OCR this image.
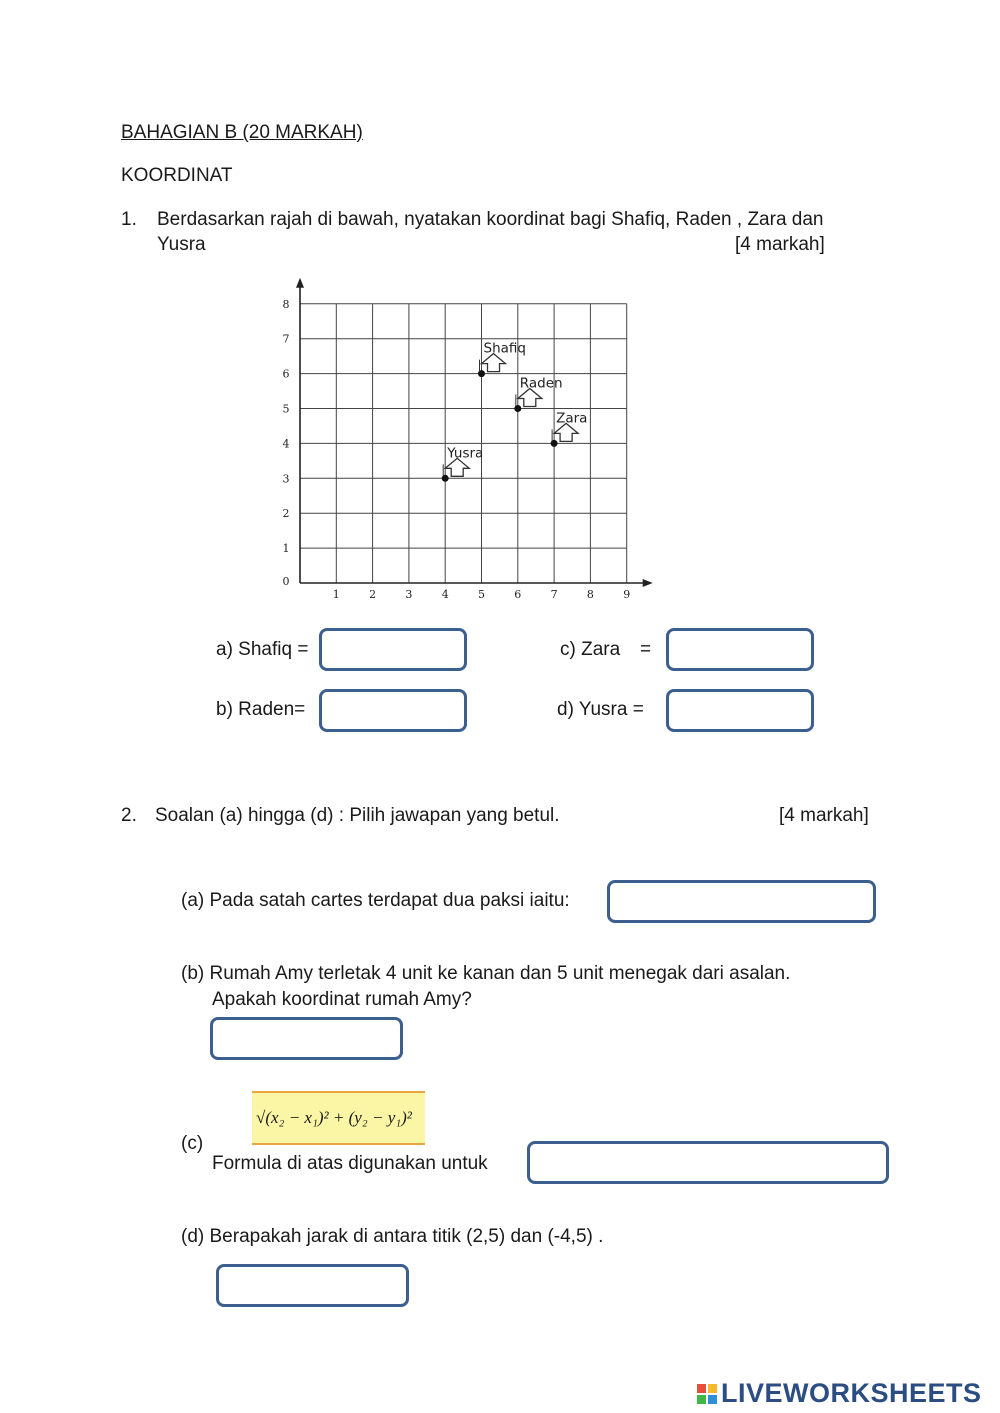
BAHAGIAN B (20 MARKAH)
KOORDINAT
1. Berdasarkan rajah di bawah, nyatakan koordinat bagi Shafiq, Raden , Zara dan
Yusra	[4 markah]
1	2	3	4	5	6	7	8	9
0
1
2
3
4
5
6
7
8
Shafiq
Raden
Zara
Yusra
a) Shafiq =	c) Zara =
b) Raden=	d) Yusra =
2. Soalan (a) hingga (d) : Pilih jawapan yang betul.	[4 markah]
(a) Pada satah cartes terdapat dua paksi iaitu:
(b) Rumah Amy terletak 4 unit ke kanan dan 5 unit menegak dari asalan.
Apakah koordinat rumah Amy?
√(x₂ − x₁)² + (y₂ − y₁)²
(c)
Formula di atas digunakan untuk
(d) Berapakah jarak di antara titik (2,5) dan (-4,5) .
LIVEWORKSHEETS
